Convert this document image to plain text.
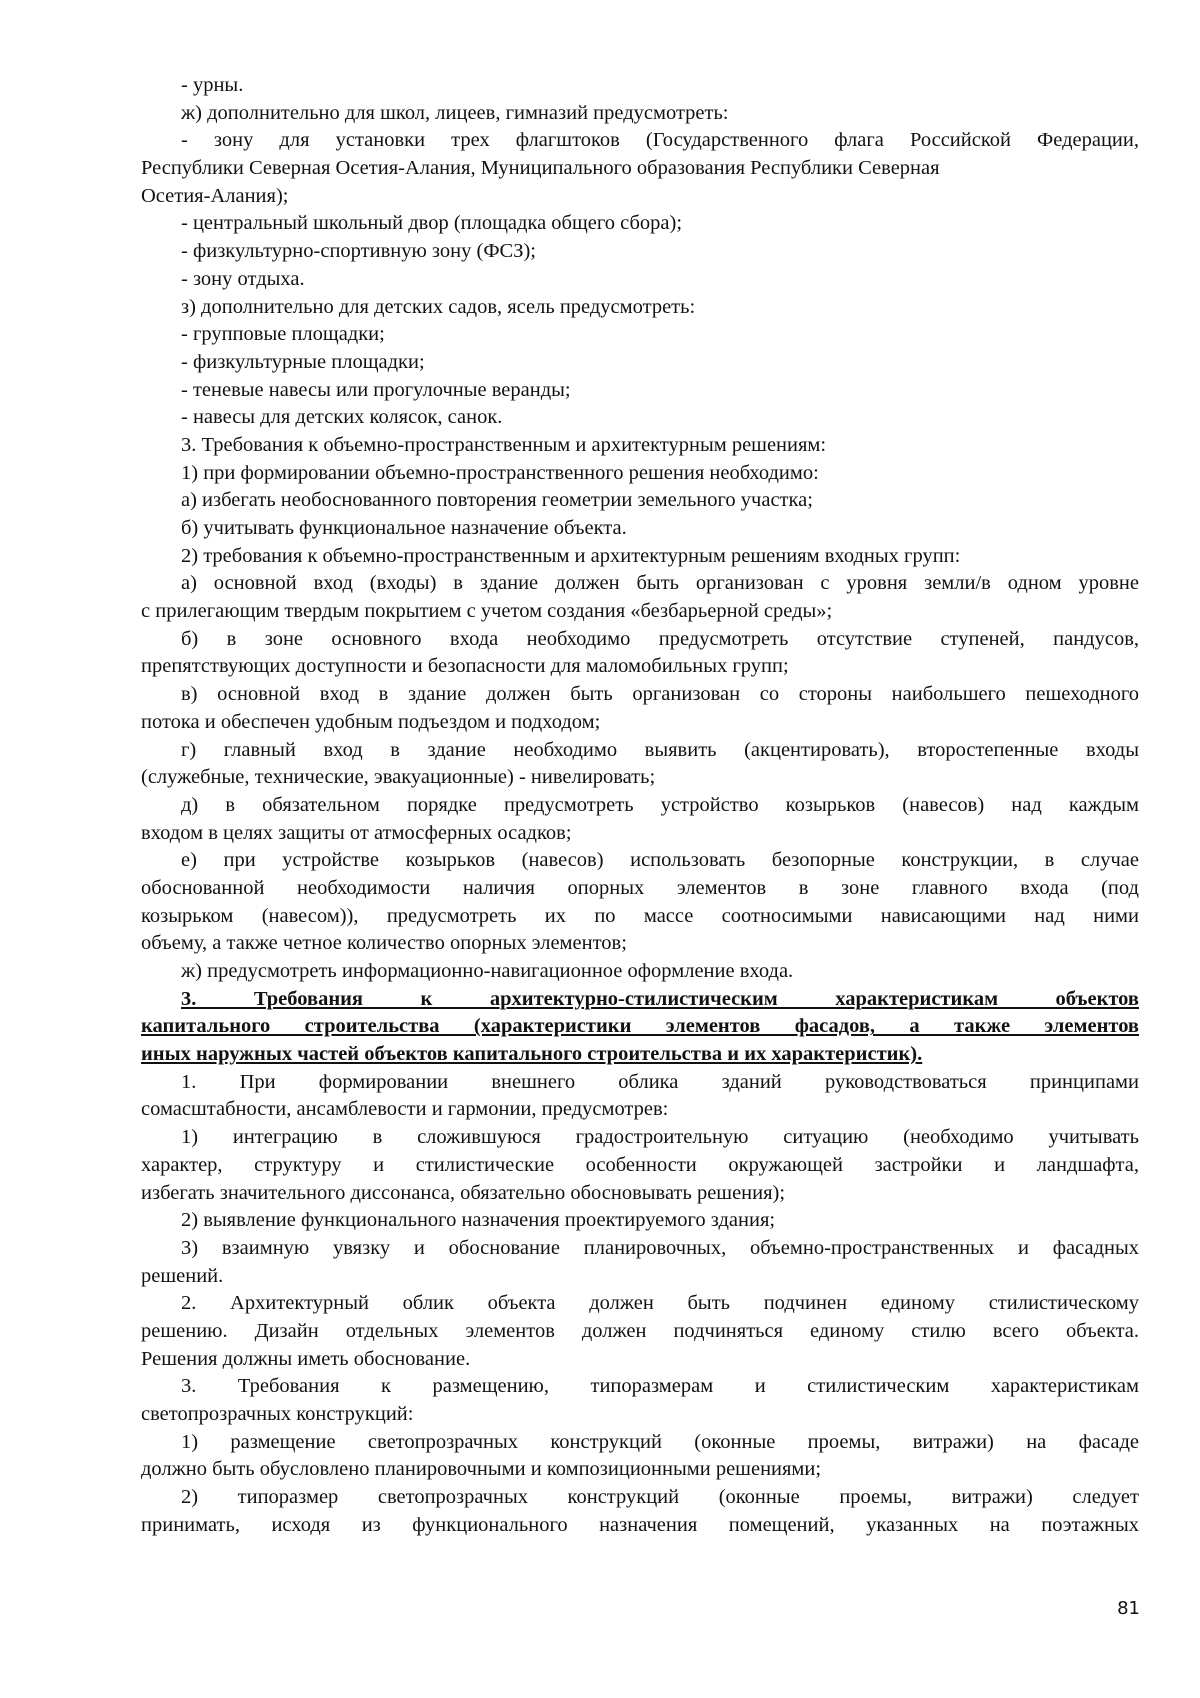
- урны.
ж) дополнительно для школ, лицеев, гимназий предусмотреть:
- зону для установки трех флагштоков (Государственного флага Российской Федерации,
Республики Северная Осетия-Алания, Муниципального образования Республики Северная
Осетия-Алания);
- центральный школьный двор (площадка общего сбора);
- физкультурно-спортивную зону (ФСЗ);
- зону отдыха.
з) дополнительно для детских садов, ясель предусмотреть:
- групповые площадки;
- физкультурные площадки;
- теневые навесы или прогулочные веранды;
- навесы для детских колясок, санок.
3. Требования к объемно-пространственным и архитектурным решениям:
1) при формировании объемно-пространственного решения необходимо:
а) избегать необоснованного повторения геометрии земельного участка;
б) учитывать функциональное назначение объекта.
2) требования к объемно-пространственным и архитектурным решениям входных групп:
а) основной вход (входы) в здание должен быть организован с уровня земли/в одном уровне
с прилегающим твердым покрытием с учетом создания «безбарьерной среды»;
б) в зоне основного входа необходимо предусмотреть отсутствие ступеней, пандусов,
препятствующих доступности и безопасности для маломобильных групп;
в) основной вход в здание должен быть организован со стороны наибольшего пешеходного
потока и обеспечен удобным подъездом и подходом;
г) главный вход в здание необходимо выявить (акцентировать), второстепенные входы
(служебные, технические, эвакуационные) - нивелировать;
д) в обязательном порядке предусмотреть устройство козырьков (навесов) над каждым
входом в целях защиты от атмосферных осадков;
е) при устройстве козырьков (навесов) использовать безопорные конструкции, в случае
обоснованной необходимости наличия опорных элементов в зоне главного входа (под
козырьком (навесом)), предусмотреть их по массе соотносимыми нависающими над ними
объему, а также четное количество опорных элементов;
ж) предусмотреть информационно-навигационное оформление входа.
3. Требования к архитектурно-стилистическим характеристикам объектов
капитального строительства (характеристики элементов фасадов, а также элементов
иных наружных частей объектов капитального строительства и их характеристик).
1. При формировании внешнего облика зданий руководствоваться принципами
сомасштабности, ансамблевости и гармонии, предусмотрев:
1) интеграцию в сложившуюся градостроительную ситуацию (необходимо учитывать
характер, структуру и стилистические особенности окружающей застройки и ландшафта,
избегать значительного диссонанса, обязательно обосновывать решения);
2) выявление функционального назначения проектируемого здания;
3) взаимную увязку и обоснование планировочных, объемно-пространственных и фасадных
решений.
2. Архитектурный облик объекта должен быть подчинен единому стилистическому
решению. Дизайн отдельных элементов должен подчиняться единому стилю всего объекта.
Решения должны иметь обоснование.
3. Требования к размещению, типоразмерам и стилистическим характеристикам
светопрозрачных конструкций:
1) размещение светопрозрачных конструкций (оконные проемы, витражи) на фасаде
должно быть обусловлено планировочными и композиционными решениями;
2) типоразмер светопрозрачных конструкций (оконные проемы, витражи) следует
принимать, исходя из функционального назначения помещений, указанных на поэтажных
81
